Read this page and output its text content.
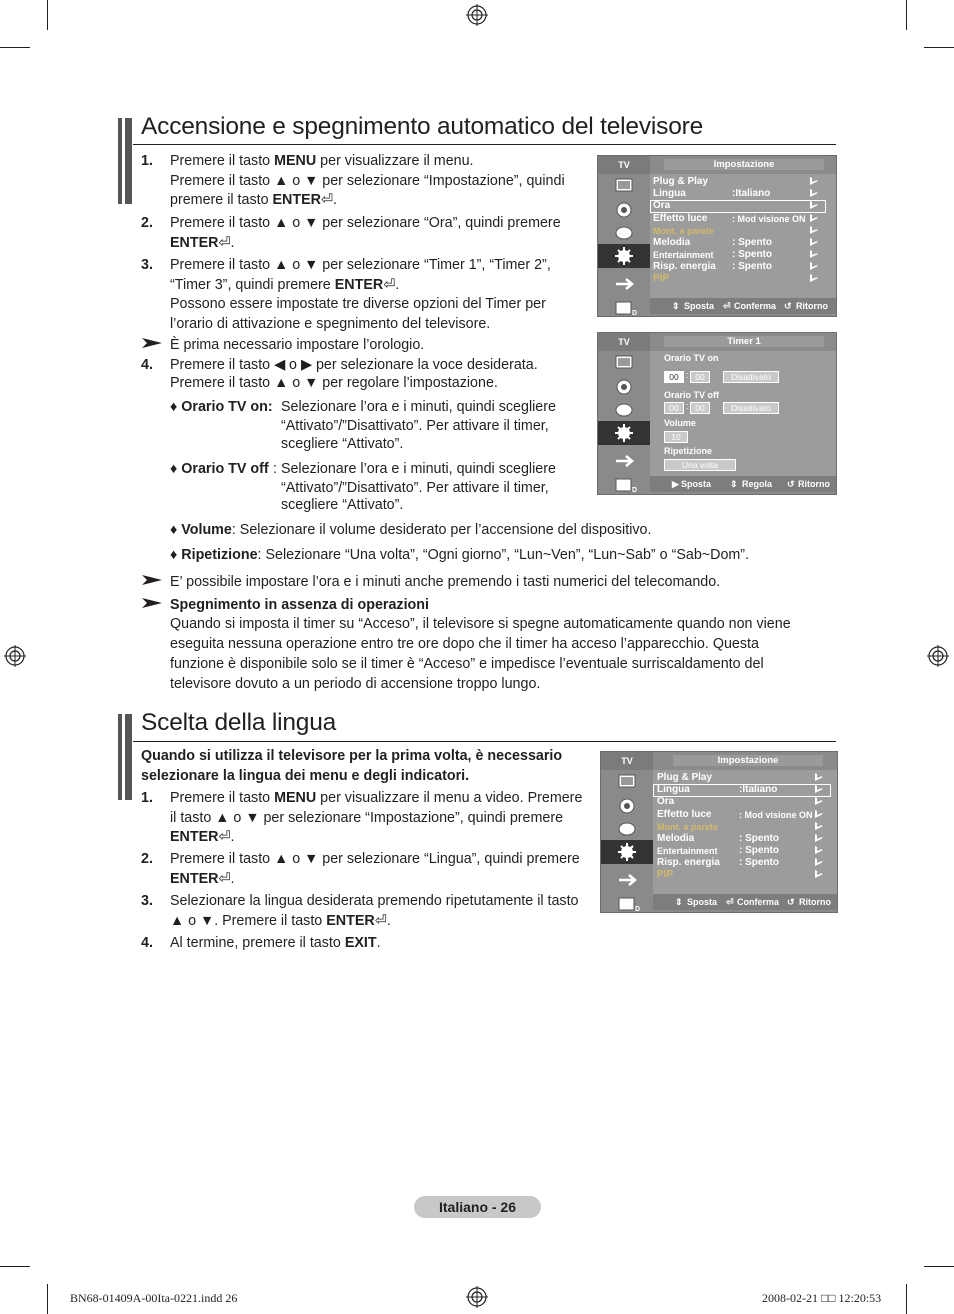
Accensione e spegnimento automatico del televisore
1. Premere il tasto MENU per visualizzare il menu.
Premere il tasto ▲ o ▼ per selezionare “Impostazione”, quindi
premere il tasto ENTER⏎.
2. Premere il tasto ▲ o ▼ per selezionare “Ora”, quindi premere
ENTER⏎.
3. Premere il tasto ▲ o ▼ per selezionare “Timer 1”, “Timer 2”,
“Timer 3”, quindi premere ENTER⏎.
Possono essere impostate tre diverse opzioni del Timer per
l’orario di attivazione e spegnimento del televisore.
È prima necessario impostare l’orologio.
4. Premere il tasto ◀ o ▶ per selezionare la voce desiderata.
Premere il tasto ▲ o ▼ per regolare l’impostazione.
♦ Orario TV on: Selezionare l’ora e i minuti, quindi scegliere
“Attivato”/”Disattivato”. Per attivare il timer,
scegliere “Attivato”.
♦ Orario TV off : Selezionare l’ora e i minuti, quindi scegliere
“Attivato”/”Disattivato”. Per attivare il timer,
scegliere “Attivato”.
♦ Volume: Selezionare il volume desiderato per l’accensione del dispositivo.
♦ Ripetizione: Selezionare “Una volta”, “Ogni giorno”, “Lun~Ven”, “Lun~Sab” o “Sab~Dom”.
E’ possibile impostare l’ora e i minuti anche premendo i tasti numerici del telecomando.
Spegnimento in assenza di operazioni
Quando si imposta il timer su “Acceso”, il televisore si spegne automaticamente quando non viene
eseguita nessuna operazione entro tre ore dopo che il timer ha acceso l’apparecchio. Questa
funzione è disponibile solo se il timer è “Acceso” e impedisce l’eventuale surriscaldamento del
televisore dovuto a un periodo di accensione troppo lungo.
TV	Impostazione
D
Plug & Play
Lingua	:Italiano
Ora
Effetto luce	: Mod visione ON
Mont. a parete
Melodia	: Spento
Entertainment : Spento
Risp. energia : Spento
PIP
⇕ Sposta ⏎ Conferma ↺ Ritorno
TV	Timer 1
D
Orario TV on
00 : 00	Disattivato
Orario TV off
00 : 00	Disattivato
Volume
10
Ripetizione
Una volta
▶ Sposta ⇕ Regola ↺ Ritorno
Scelta della lingua
Quando si utilizza il televisore per la prima volta, è necessario
selezionare la lingua dei menu e degli indicatori.
1. Premere il tasto MENU per visualizzare il menu a video. Premere
il tasto ▲ o ▼ per selezionare “Impostazione”, quindi premere
ENTER⏎.
2. Premere il tasto ▲ o ▼ per selezionare “Lingua”, quindi premere
ENTER⏎.
3. Selezionare la lingua desiderata premendo ripetutamente il tasto
▲ o ▼. Premere il tasto ENTER⏎.
4. Al termine, premere il tasto EXIT.
TV	Impostazione
D
Plug & Play
Lingua	:Italiano
Ora
Effetto luce	: Mod visione ON
Mont. a parete
Melodia	: Spento
Entertainment : Spento
Risp. energia : Spento
PIP
⇕ Sposta ⏎ Conferma ↺ Ritorno
Italiano - 26
BN68-01409A-00Ita-0221.indd 26	2008-02-21 □□ 12:20:53
